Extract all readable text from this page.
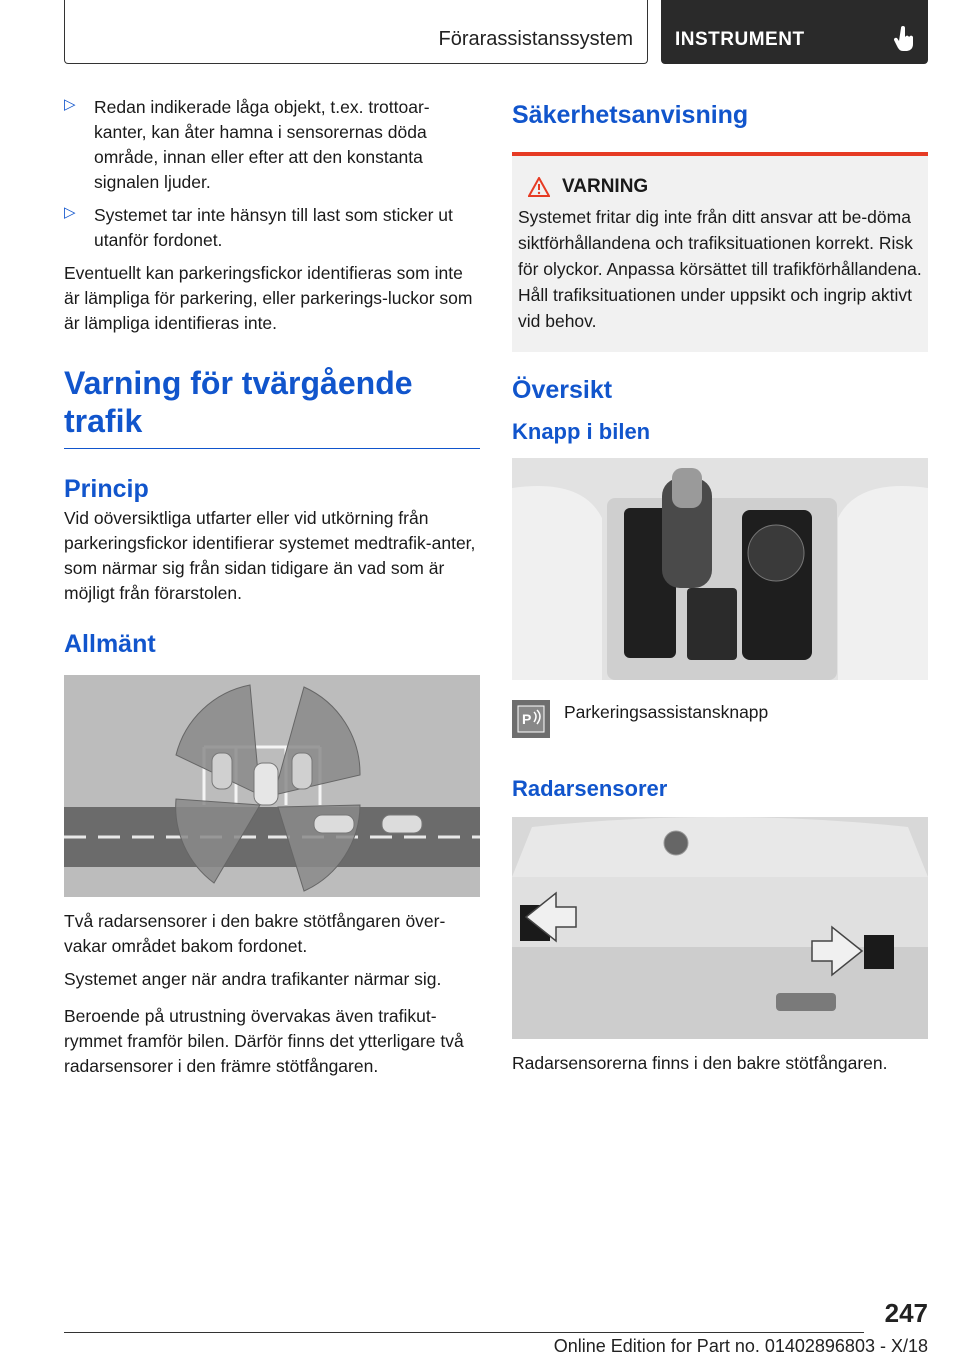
Förarassistanssystem INSTRUMENT
▷ Redan indikerade låga objekt, t.ex. trottoar-kanter, kan åter hamna i sensorernas döda område, innan eller efter att den konstanta signalen ljuder.

▷ Systemet tar inte hänsyn till last som sticker ut utanför fordonet.

Eventuellt kan parkeringsfickor identifieras som inte är lämpliga för parkering, eller parkerings-luckor som är lämpliga identifieras inte.

Varning för tvärgående trafik

Princip

Vid oöversiktliga utfarter eller vid utkörning från parkeringsfickor identifierar systemet medtrafik-anter, som närmar sig från sidan tidigare än vad som är möjligt från förarstolen.

Allmänt

Två radarsensorer i den bakre stötfångaren över-vakar området bakom fordonet.

Systemet anger när andra trafikanter närmar sig.

Beroende på utrustning övervakas även trafikut-rymmet framför bilen. Därför finns det ytterligare två radarsensorer i den främre stötfångaren.

Säkerhetsanvisning

VARNING

Systemet fritar dig inte från ditt ansvar att be-döma siktförhållandena och trafiksituationen korrekt. Risk för olyckor. Anpassa körsättet till trafikförhållandena. Håll trafiksituationen under uppsikt och ingrip aktivt vid behov.

Översikt

Knapp i bilen

P Parkeringsassistansknapp

Radarsensorer

Radarsensorerna finns i den bakre stötfångaren.

247
Online Edition for Part no. 01402896803 - X/18
